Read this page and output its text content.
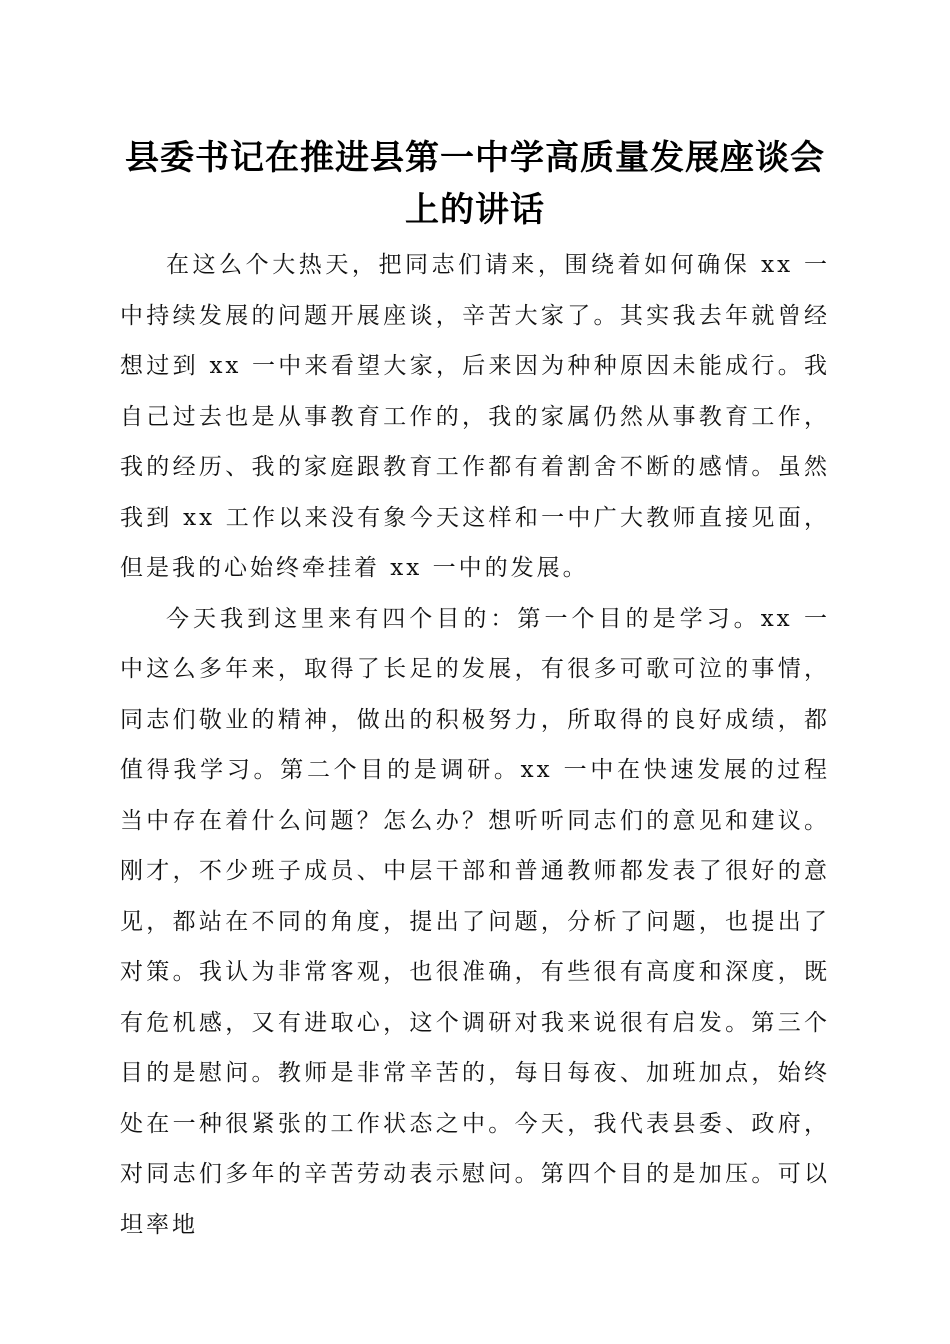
县委书记在推进县第一中学高质量发展座谈会
上的讲话

在这么个大热天，把同志们请来，围绕着如何确保 xx 一中持续发展的问题开展座谈，辛苦大家了。其实我去年就曾经想过到 xx 一中来看望大家，后来因为种种原因未能成行。我自己过去也是从事教育工作的，我的家属仍然从事教育工作，我的经历、我的家庭跟教育工作都有着割舍不断的感情。虽然我到 xx 工作以来没有象今天这样和一中广大教师直接见面，但是我的心始终牵挂着 xx 一中的发展。

今天我到这里来有四个目的：第一个目的是学习。xx 一中这么多年来，取得了长足的发展，有很多可歌可泣的事情，同志们敬业的精神，做出的积极努力，所取得的良好成绩，都值得我学习。第二个目的是调研。xx 一中在快速发展的过程当中存在着什么问题？怎么办？想听听同志们的意见和建议。刚才，不少班子成员、中层干部和普通教师都发表了很好的意见，都站在不同的角度，提出了问题，分析了问题，也提出了对策。我认为非常客观，也很准确，有些很有高度和深度，既有危机感，又有进取心，这个调研对我来说很有启发。第三个目的是慰问。教师是非常辛苦的，每日每夜、加班加点，始终处在一种很紧张的工作状态之中。今天，我代表县委、政府，对同志们多年的辛苦劳动表示慰问。第四个目的是加压。可以坦率地
